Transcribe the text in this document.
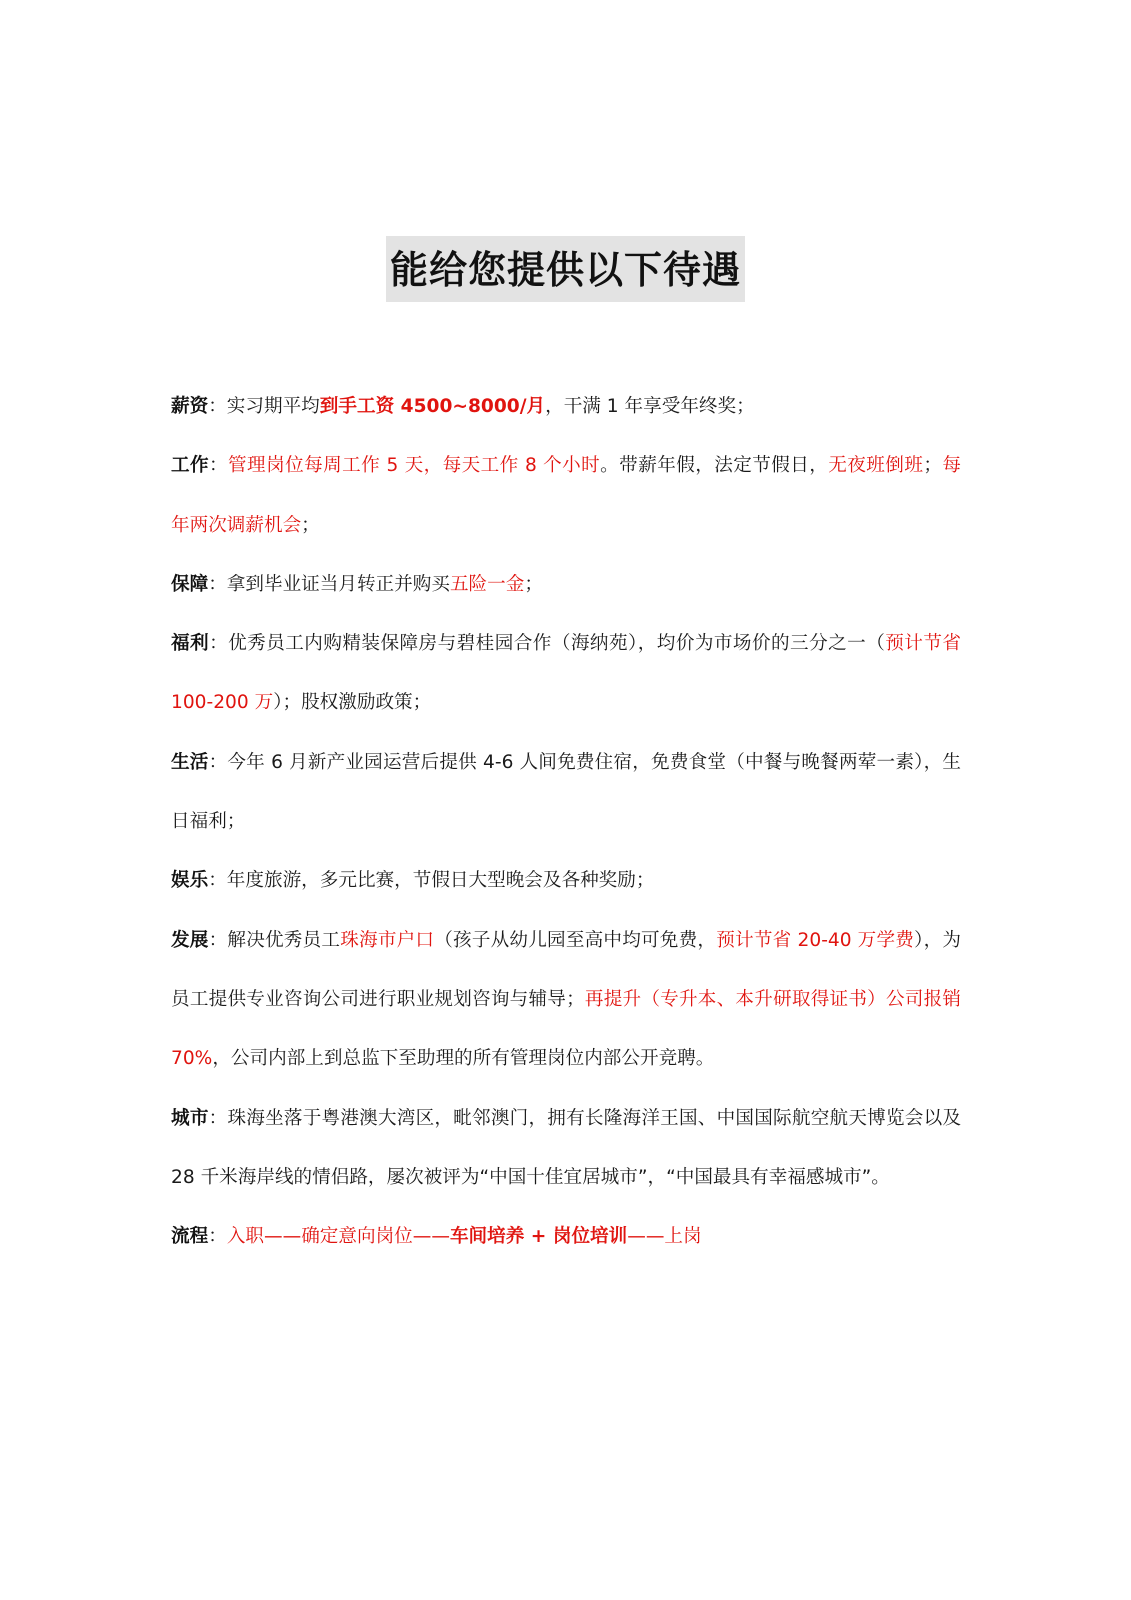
能给您提供以下待遇

薪资：实习期平均到手工资 4500~8000/月，干满 1 年享受年终奖；

工作：管理岗位每周工作 5 天，每天工作 8 个小时。带薪年假，法定节假日，无夜班倒班；每年两次调薪机会；

保障：拿到毕业证当月转正并购买五险一金；

福利：优秀员工内购精装保障房与碧桂园合作（海纳苑），均价为市场价的三分之一（预计节省 100-200 万）；股权激励政策；

生活：今年 6 月新产业园运营后提供 4-6 人间免费住宿，免费食堂（中餐与晚餐两荤一素），生日福利；

娱乐：年度旅游，多元比赛，节假日大型晚会及各种奖励；

发展：解决优秀员工珠海市户口（孩子从幼儿园至高中均可免费，预计节省 20-40 万学费），为员工提供专业咨询公司进行职业规划咨询与辅导；再提升（专升本、本升研取得证书）公司报销 70%，公司内部上到总监下至助理的所有管理岗位内部公开竞聘。

城市：珠海坐落于粤港澳大湾区，毗邻澳门，拥有长隆海洋王国、中国国际航空航天博览会以及 28 千米海岸线的情侣路，屡次被评为“中国十佳宜居城市”，“中国最具有幸福感城市”。

流程：入职——确定意向岗位——车间培养 + 岗位培训——上岗
